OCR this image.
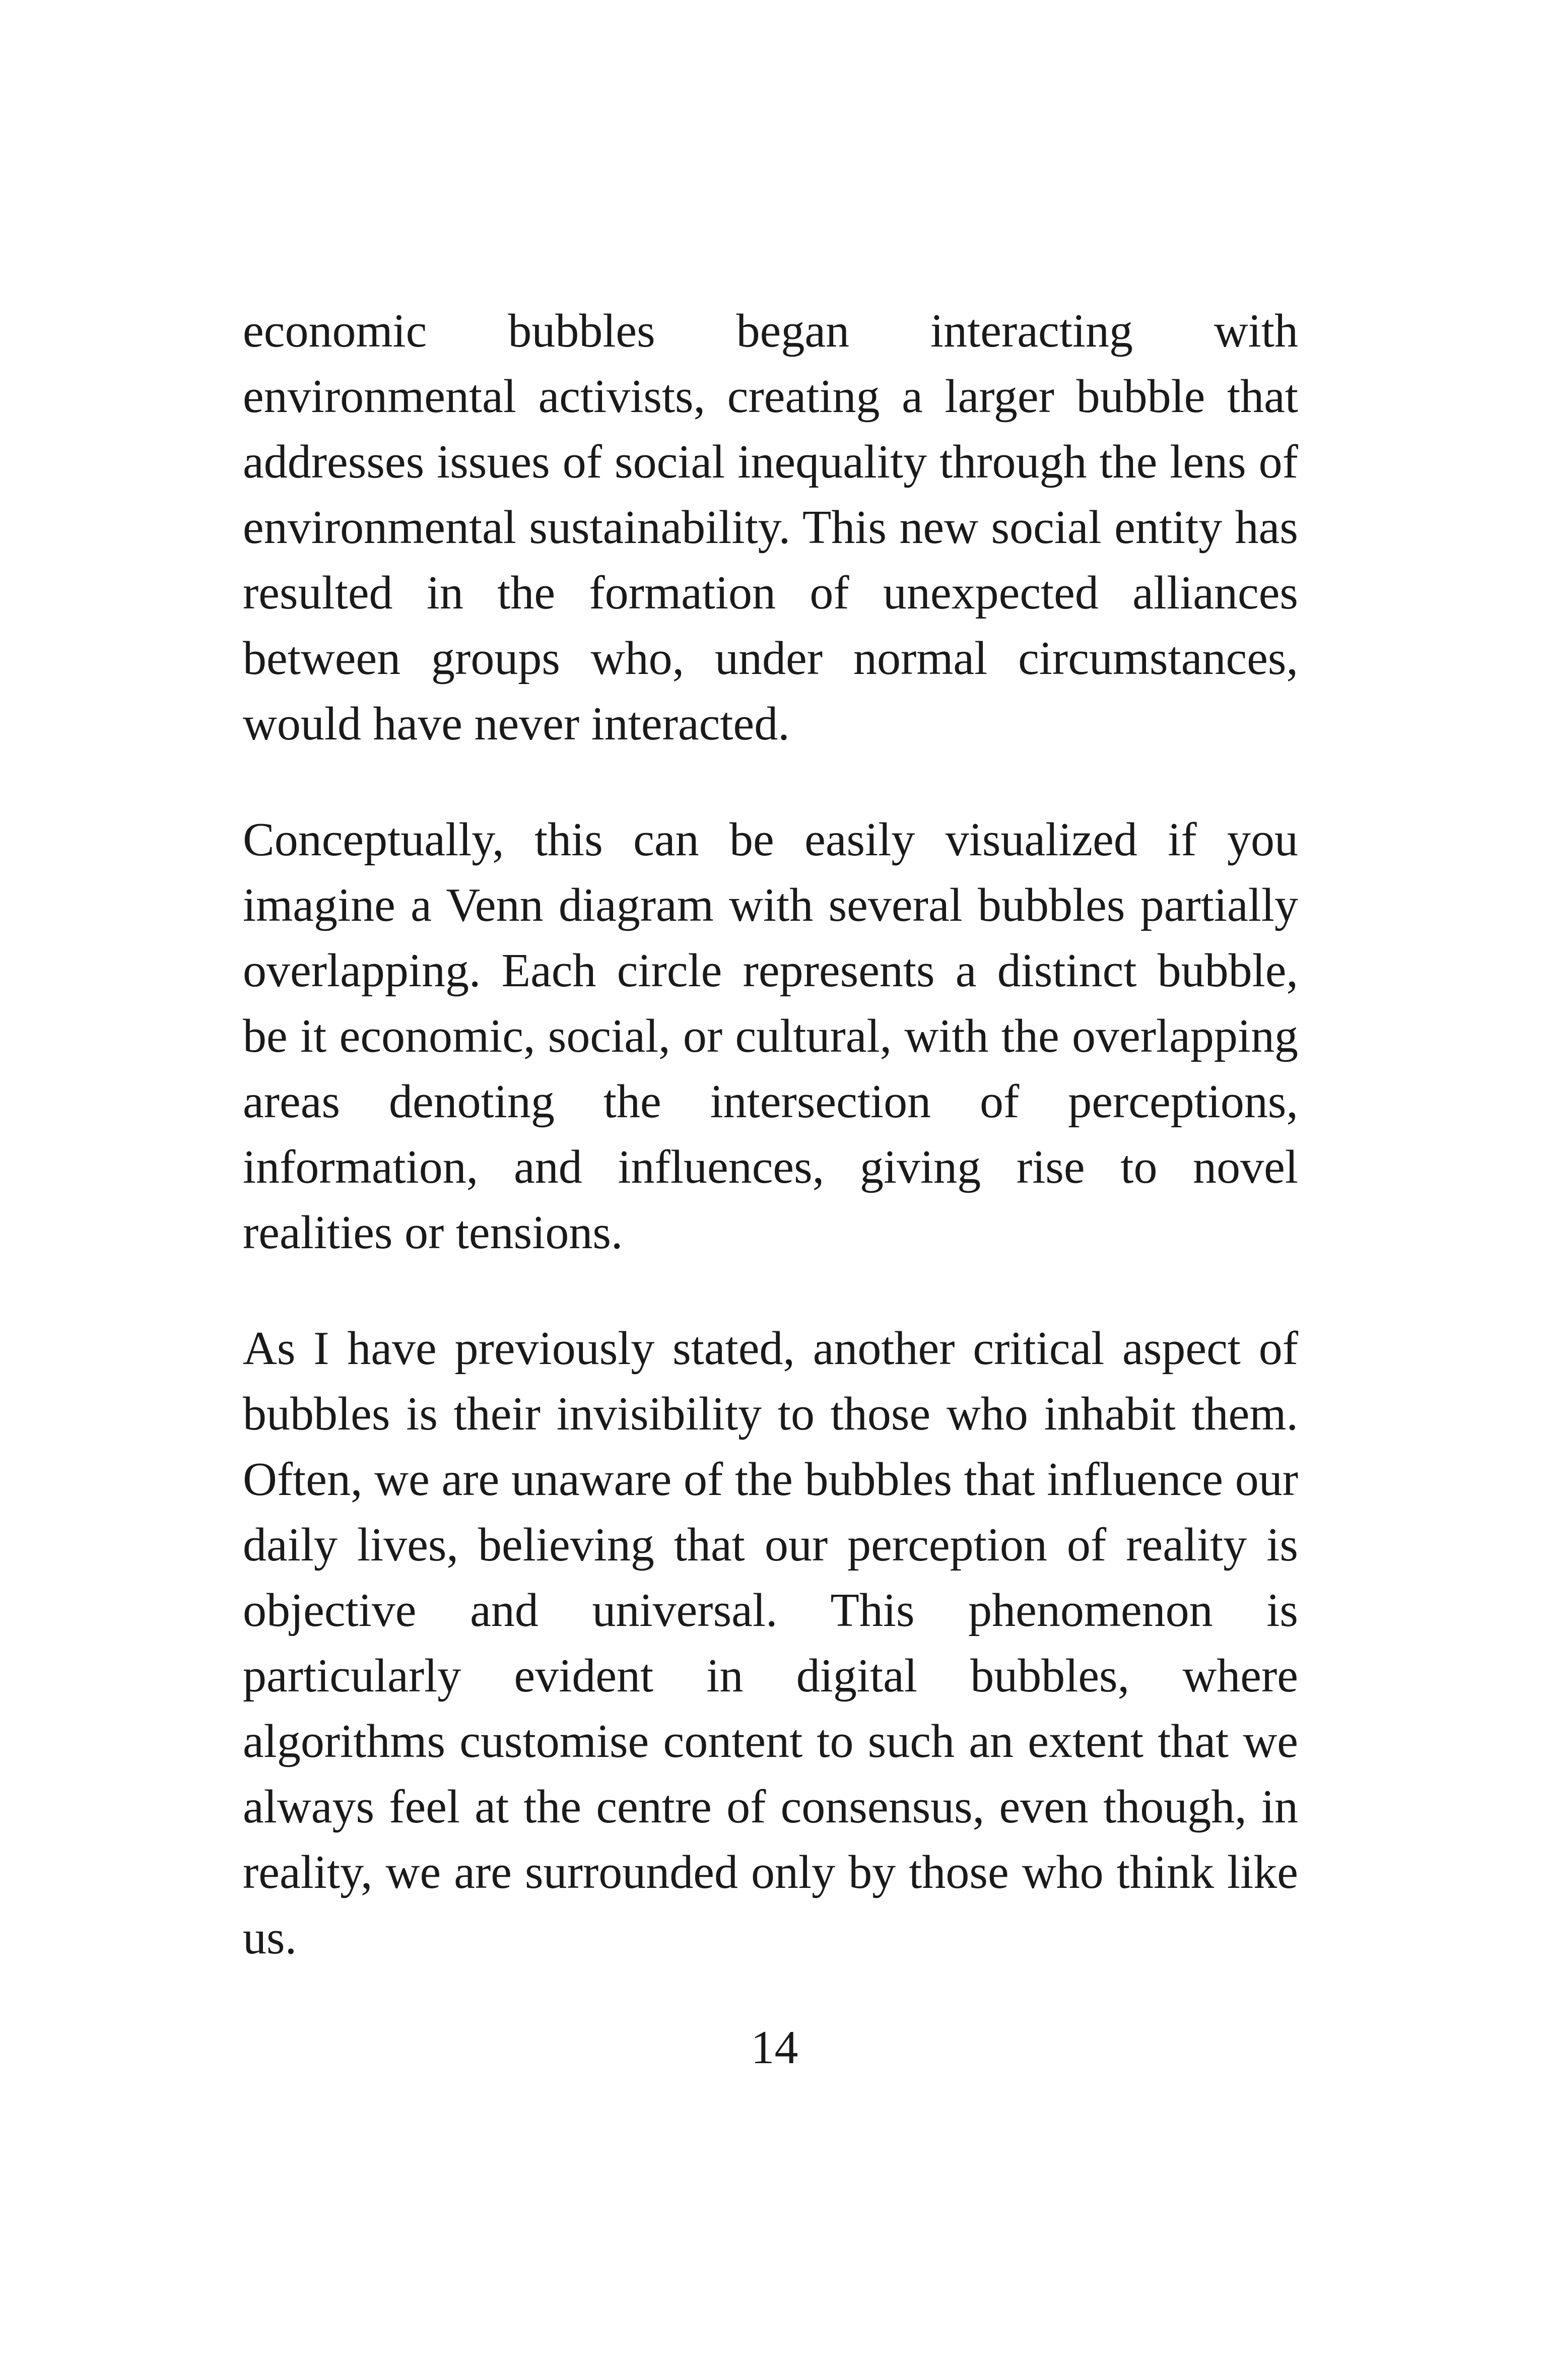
economic bubbles began interacting with environmental activists, creating a larger bubble that addresses issues of social inequality through the lens of environmental sustainability. This new social entity has resulted in the formation of unexpected alliances between groups who, under normal circumstances, would have never interacted.

Conceptually, this can be easily visualized if you imagine a Venn diagram with several bubbles partially overlapping. Each circle represents a distinct bubble, be it economic, social, or cultural, with the overlapping areas denoting the intersection of perceptions, information, and influences, giving rise to novel realities or tensions.

As I have previously stated, another critical aspect of bubbles is their invisibility to those who inhabit them. Often, we are unaware of the bubbles that influence our daily lives, believing that our perception of reality is objective and universal. This phenomenon is particularly evident in digital bubbles, where algorithms customise content to such an extent that we always feel at the centre of consensus, even though, in reality, we are surrounded only by those who think like us.

14
